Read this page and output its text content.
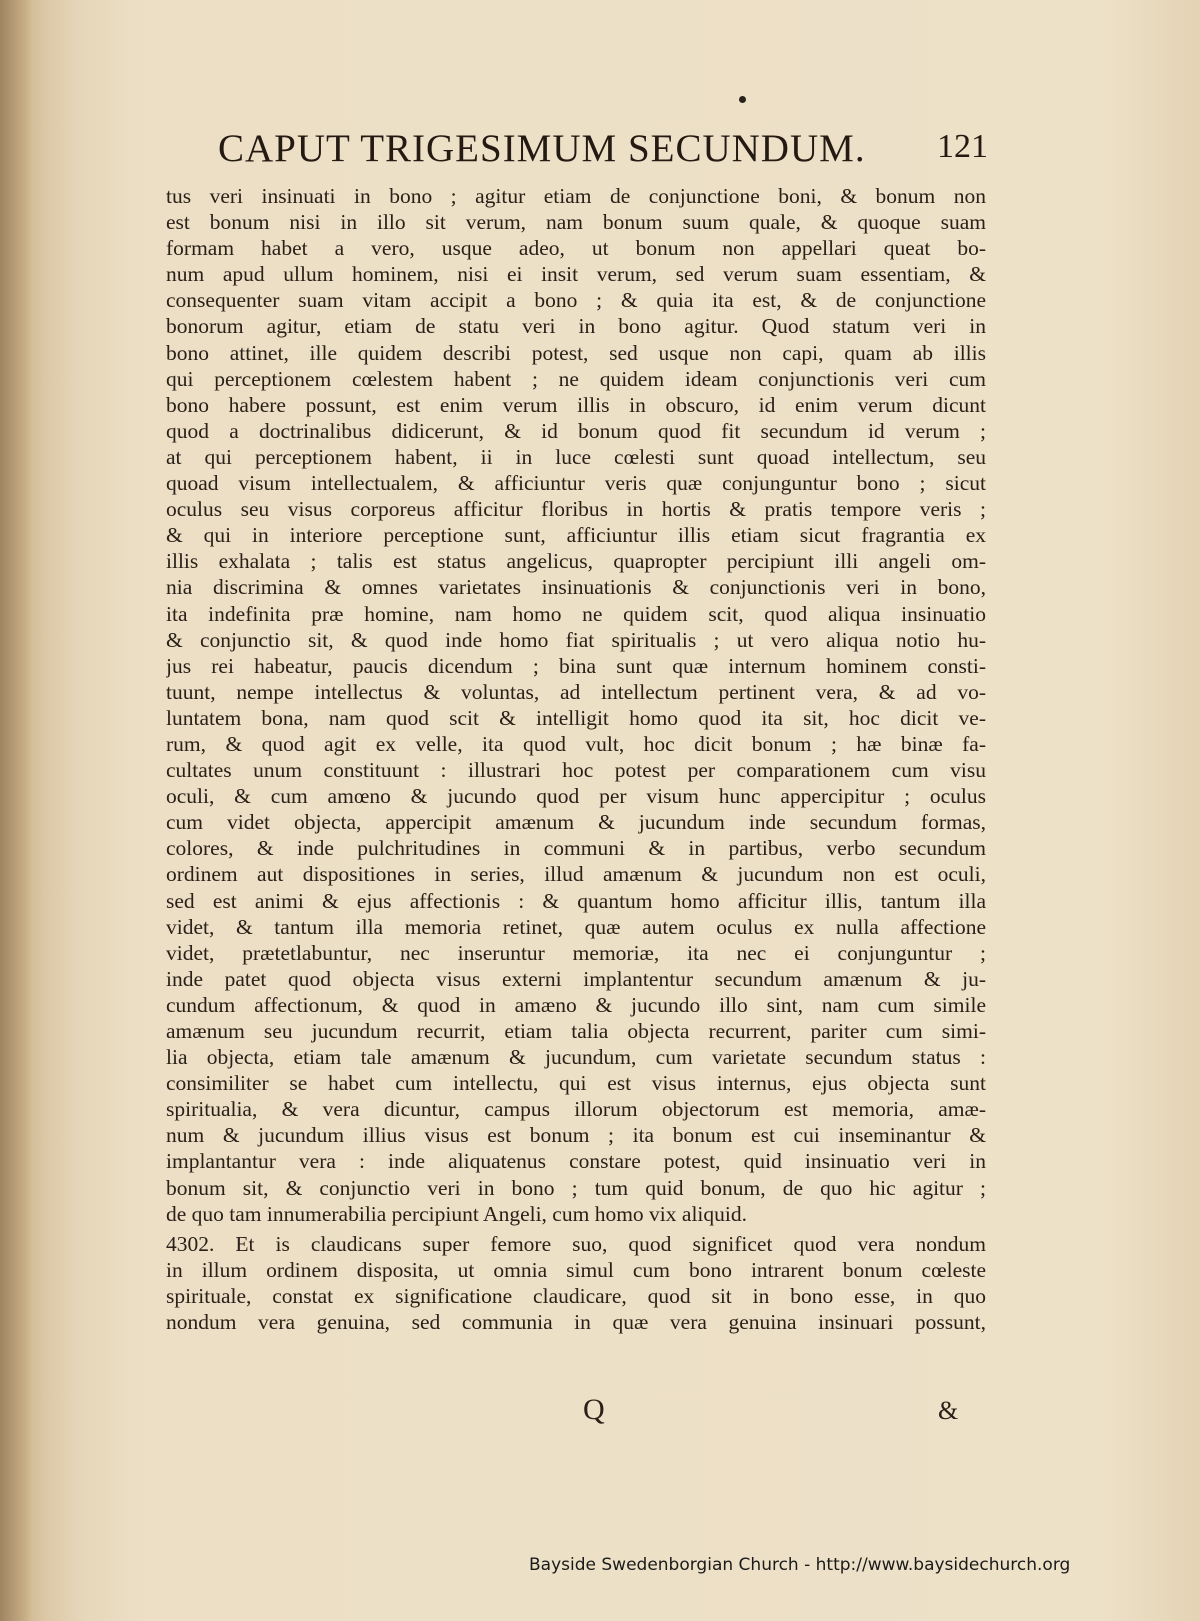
CAPUT TRIGESIMUM SECUNDUM. 121
tus veri insinuati in bono ; agitur etiam de conjunctione boni, & bonum non
est bonum nisi in illo sit verum, nam bonum suum quale, & quoque suam
formam habet a vero, usque adeo, ut bonum non appellari queat bo-
num apud ullum hominem, nisi ei insit verum, sed verum suam essentiam, &
consequenter suam vitam accipit a bono ; & quia ita est, & de conjunctione
bonorum agitur, etiam de statu veri in bono agitur. Quod statum veri in
bono attinet, ille quidem describi potest, sed usque non capi, quam ab illis
qui perceptionem cœlestem habent ; ne quidem ideam conjunctionis veri cum
bono habere possunt, est enim verum illis in obscuro, id enim verum dicunt
quod a doctrinalibus didicerunt, & id bonum quod fit secundum id verum ;
at qui perceptionem habent, ii in luce cœlesti sunt quoad intellectum, seu
quoad visum intellectualem, & afficiuntur veris quæ conjunguntur bono ; sicut
oculus seu visus corporeus afficitur floribus in hortis & pratis tempore veris ;
& qui in interiore perceptione sunt, afficiuntur illis etiam sicut fragrantia ex
illis exhalata ; talis est status angelicus, quapropter percipiunt illi angeli om-
nia discrimina & omnes varietates insinuationis & conjunctionis veri in bono,
ita indefinita præ homine, nam homo ne quidem scit, quod aliqua insinuatio
& conjunctio sit, & quod inde homo fiat spiritualis ; ut vero aliqua notio hu-
jus rei habeatur, paucis dicendum ; bina sunt quæ internum hominem consti-
tuunt, nempe intellectus & voluntas, ad intellectum pertinent vera, & ad vo-
luntatem bona, nam quod scit & intelligit homo quod ita sit, hoc dicit ve-
rum, & quod agit ex velle, ita quod vult, hoc dicit bonum ; hæ binæ fa-
cultates unum constituunt : illustrari hoc potest per comparationem cum visu
oculi, & cum amœno & jucundo quod per visum hunc appercipitur ; oculus
cum videt objecta, appercipit amænum & jucundum inde secundum formas,
colores, & inde pulchritudines in communi & in partibus, verbo secundum
ordinem aut dispositiones in series, illud amænum & jucundum non est oculi,
sed est animi & ejus affectionis : & quantum homo afficitur illis, tantum illa
videt, & tantum illa memoria retinet, quæ autem oculus ex nulla affectione
videt, prætetlabuntur, nec inseruntur memoriæ, ita nec ei conjunguntur ;
inde patet quod objecta visus externi implantentur secundum amænum & ju-
cundum affectionum, & quod in amæno & jucundo illo sint, nam cum simile
amænum seu jucundum recurrit, etiam talia objecta recurrent, pariter cum simi-
lia objecta, etiam tale amænum & jucundum, cum varietate secundum status :
consimiliter se habet cum intellectu, qui est visus internus, ejus objecta sunt
spiritualia, & vera dicuntur, campus illorum objectorum est memoria, amæ-
num & jucundum illius visus est bonum ; ita bonum est cui inseminantur &
implantantur vera : inde aliquatenus constare potest, quid insinuatio veri in
bonum sit, & conjunctio veri in bono ; tum quid bonum, de quo hic agitur ;
de quo tam innumerabilia percipiunt Angeli, cum homo vix aliquid.
4302. Et is claudicans super femore suo, quod significet quod vera nondum
in illum ordinem disposita, ut omnia simul cum bono intrarent bonum cœleste
spirituale, constat ex significatione claudicare, quod sit in bono esse, in quo
nondum vera genuina, sed communia in quæ vera genuina insinuari possunt,
Q	&
Bayside Swedenborgian Church - http://www.baysidechurch.org
